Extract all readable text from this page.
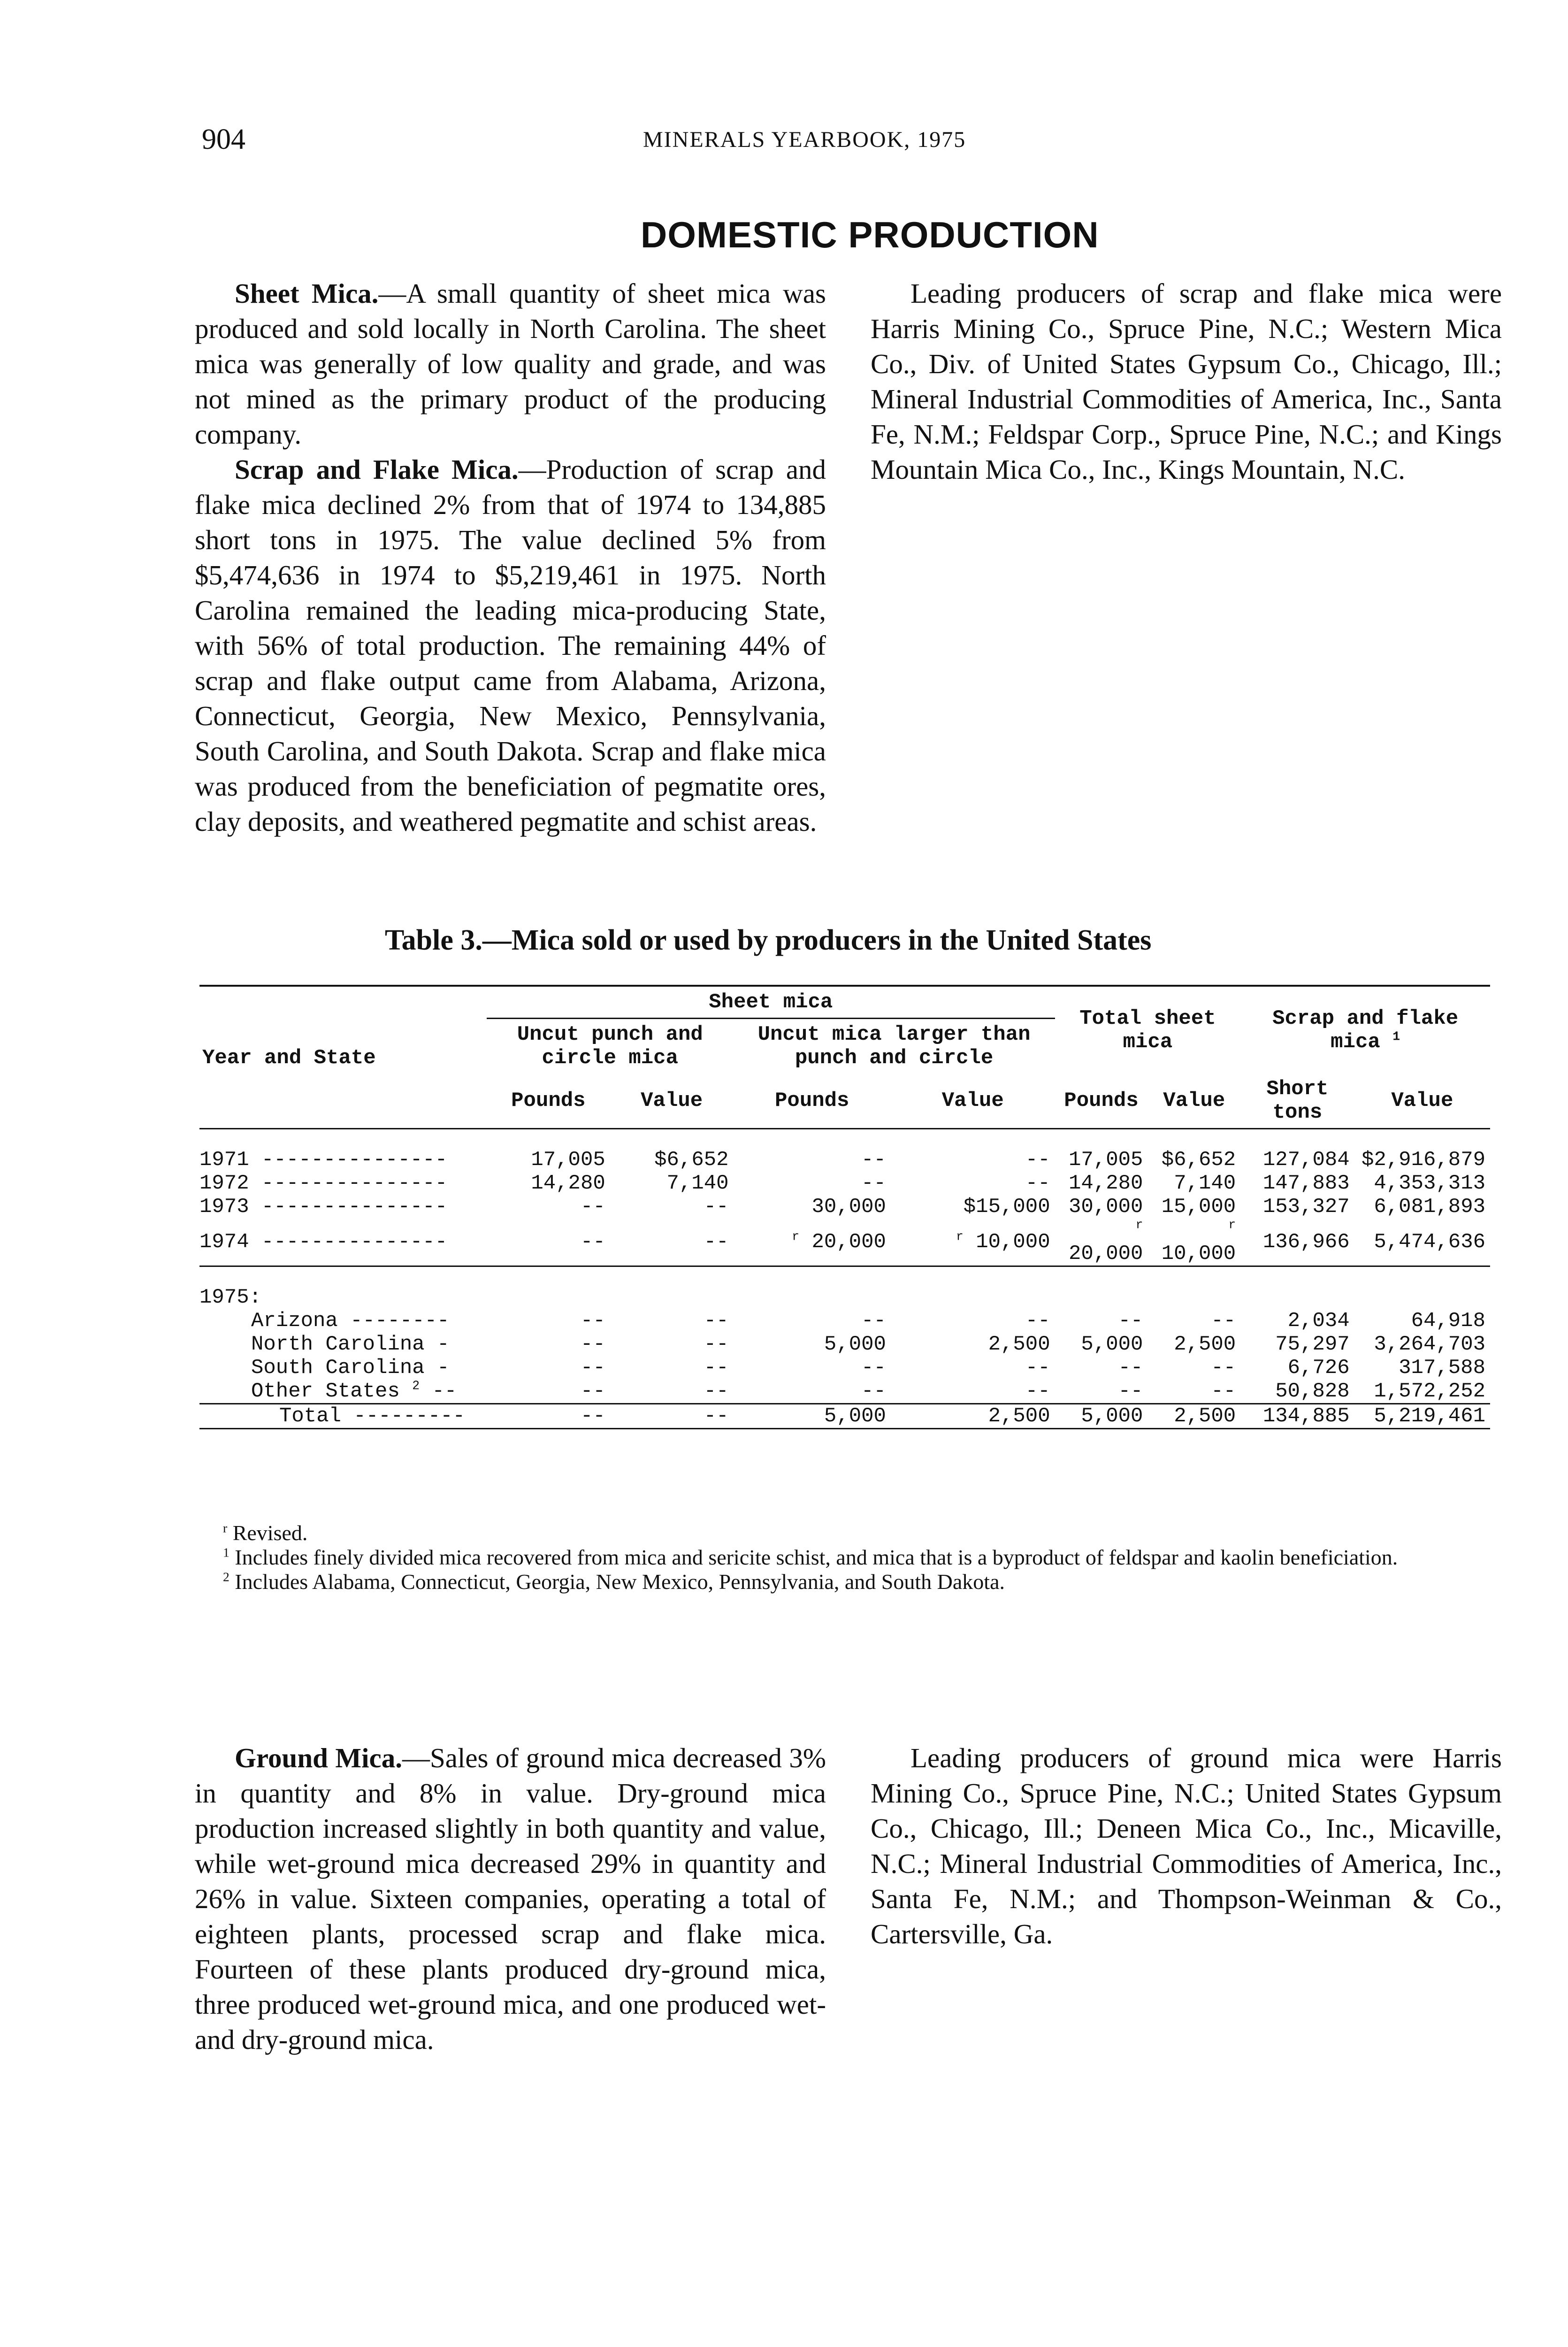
904	MINERALS YEARBOOK, 1975
DOMESTIC PRODUCTION

Sheet Mica.—A small quantity of sheet mica was produced and sold locally in North Carolina. The sheet mica was generally of low quality and grade, and was not mined as the primary product of the producing company.

Scrap and Flake Mica.—Production of scrap and flake mica declined 2% from that of 1974 to 134,885 short tons in 1975. The value declined 5% from $5,474,636 in 1974 to $5,219,461 in 1975. North Carolina remained the leading mica-producing State, with 56% of total production. The remaining 44% of scrap and flake output came from Alabama, Arizona, Connecticut, Georgia, New Mexico, Pennsylvania, South Carolina, and South Dakota. Scrap and flake mica was produced from the beneficiation of pegmatite ores, clay deposits, and weathered pegmatite and schist areas.

Leading producers of scrap and flake mica were Harris Mining Co., Spruce Pine, N.C.; Western Mica Co., Div. of United States Gypsum Co., Chicago, Ill.; Mineral Industrial Commodities of America, Inc., Santa Fe, N.M.; Feldspar Corp., Spruce Pine, N.C.; and Kings Mountain Mica Co., Inc., Kings Mountain, N.C.

Table 3.—Mica sold or used by producers in the United States
Year and State	Sheet mica				Total sheet mica		Scrap and flake mica $^1$
	Uncut punch and circle mica		Uncut mica larger than punch and circle					
	Pounds	Value	Pounds	Value	Pounds	Value	Short tons	Value

1971 ---------------	17,005	$6,652	--	--	17,005	$6,652	127,084	$2,916,879
1972 ---------------	14,280	7,140	--	--	14,280	7,140	147,883	4,353,313
1973 ---------------	--	--	30,000	$15,000	30,000	15,000	153,327	6,081,893
1974 ---------------	--	--	$^r$ 20,000	$^r$ 10,000	$^r$ 20,000	$^r$ 10,000	136,966	5,474,636

1975:								
Arizona --------	--	--	--	--	--	--	2,034	64,918
North Carolina -	--	--	5,000	2,500	5,000	2,500	75,297	3,264,703
South Carolina -	--	--	--	--	--	--	6,726	317,588
Other States $^2$ --	--	--	--	--	--	--	50,828	1,572,252
Total ---------	--	--	5,000	2,500	5,000	2,500	134,885	5,219,461

$^r$ Revised.

$^1$ Includes finely divided mica recovered from mica and sericite schist, and mica that is a byproduct of feldspar and kaolin beneficiation.

$^2$ Includes Alabama, Connecticut, Georgia, New Mexico, Pennsylvania, and South Dakota.

Ground Mica.—Sales of ground mica decreased 3% in quantity and 8% in value. Dry-ground mica production increased slightly in both quantity and value, while wet-ground mica decreased 29% in quantity and 26% in value. Sixteen companies, operating a total of eighteen plants, processed scrap and flake mica. Fourteen of these plants produced dry-ground mica, three produced wet-ground mica, and one produced wet- and dry-ground mica.

Leading producers of ground mica were Harris Mining Co., Spruce Pine, N.C.; United States Gypsum Co., Chicago, Ill.; Deneen Mica Co., Inc., Micaville, N.C.; Mineral Industrial Commodities of America, Inc., Santa Fe, N.M.; and Thompson-Weinman & Co., Cartersville, Ga.
